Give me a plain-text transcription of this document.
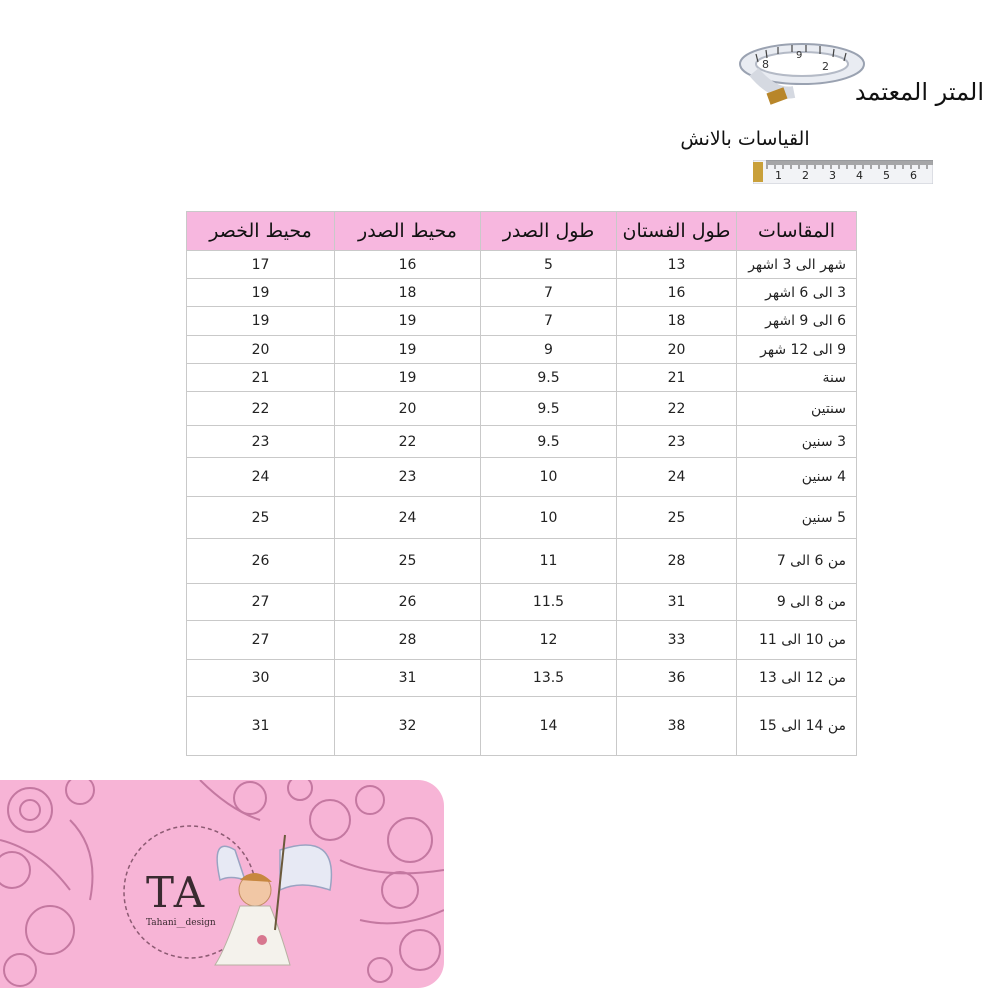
المتر المعتمد
8
9
2
القياسات بالانش
1 2 3 4 5 6
المقاسات	طول الفستان	طول الصدر	محيط الصدر	محيط الخصر
شهر الى 3 اشهر	13	5	16	17
3 الى 6 اشهر	16	7	18	19
6 الى 9 اشهر	18	7	19	19
9 الى 12 شهر	20	9	19	20
سنة	21	9.5	19	21
سنتين	22	9.5	20	22
3 سنين	23	9.5	22	23
4 سنين	24	10	23	24
5 سنين	25	10	24	25
من 6 الى 7	28	11	25	26
من 8 الى 9	31	11.5	26	27
من 10 الى 11	33	12	28	27
من 12 الى 13	36	13.5	31	30
من 14 الى 15	38	14	32	31
TA
Tahani__design
